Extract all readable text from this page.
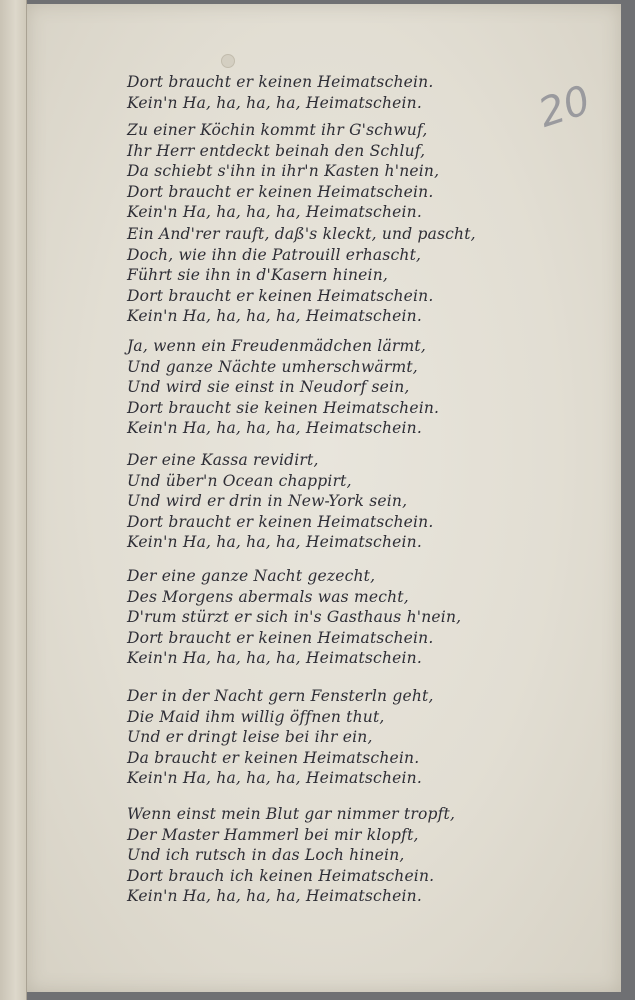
20
Dort braucht er keinen Heimatschein.
Kein'n Ha, ha, ha, ha, Heimatschein.
Zu einer Köchin kommt ihr G'schwuf,
Ihr Herr entdeckt beinah den Schluf,
Da schiebt s'ihn in ihr'n Kasten h'nein,
Dort braucht er keinen Heimatschein.
Kein'n Ha, ha, ha, ha, Heimatschein.
Ein And'rer rauft, daß's kleckt, und pascht,
Doch, wie ihn die Patrouill erhascht,
Führt sie ihn in d'Kasern hinein,
Dort braucht er keinen Heimatschein.
Kein'n Ha, ha, ha, ha, Heimatschein.
Ja, wenn ein Freudenmädchen lärmt,
Und ganze Nächte umherschwärmt,
Und wird sie einst in Neudorf sein,
Dort braucht sie keinen Heimatschein.
Kein'n Ha, ha, ha, ha, Heimatschein.
Der eine Kassa revidirt,
Und über'n Ocean chappirt,
Und wird er drin in New-York sein,
Dort braucht er keinen Heimatschein.
Kein'n Ha, ha, ha, ha, Heimatschein.
Der eine ganze Nacht gezecht,
Des Morgens abermals was mecht,
D'rum stürzt er sich in's Gasthaus h'nein,
Dort braucht er keinen Heimatschein.
Kein'n Ha, ha, ha, ha, Heimatschein.
Der in der Nacht gern Fensterln geht,
Die Maid ihm willig öffnen thut,
Und er dringt leise bei ihr ein,
Da braucht er keinen Heimatschein.
Kein'n Ha, ha, ha, ha, Heimatschein.
Wenn einst mein Blut gar nimmer tropft,
Der Master Hammerl bei mir klopft,
Und ich rutsch in das Loch hinein,
Dort brauch ich keinen Heimatschein.
Kein'n Ha, ha, ha, ha, Heimatschein.
